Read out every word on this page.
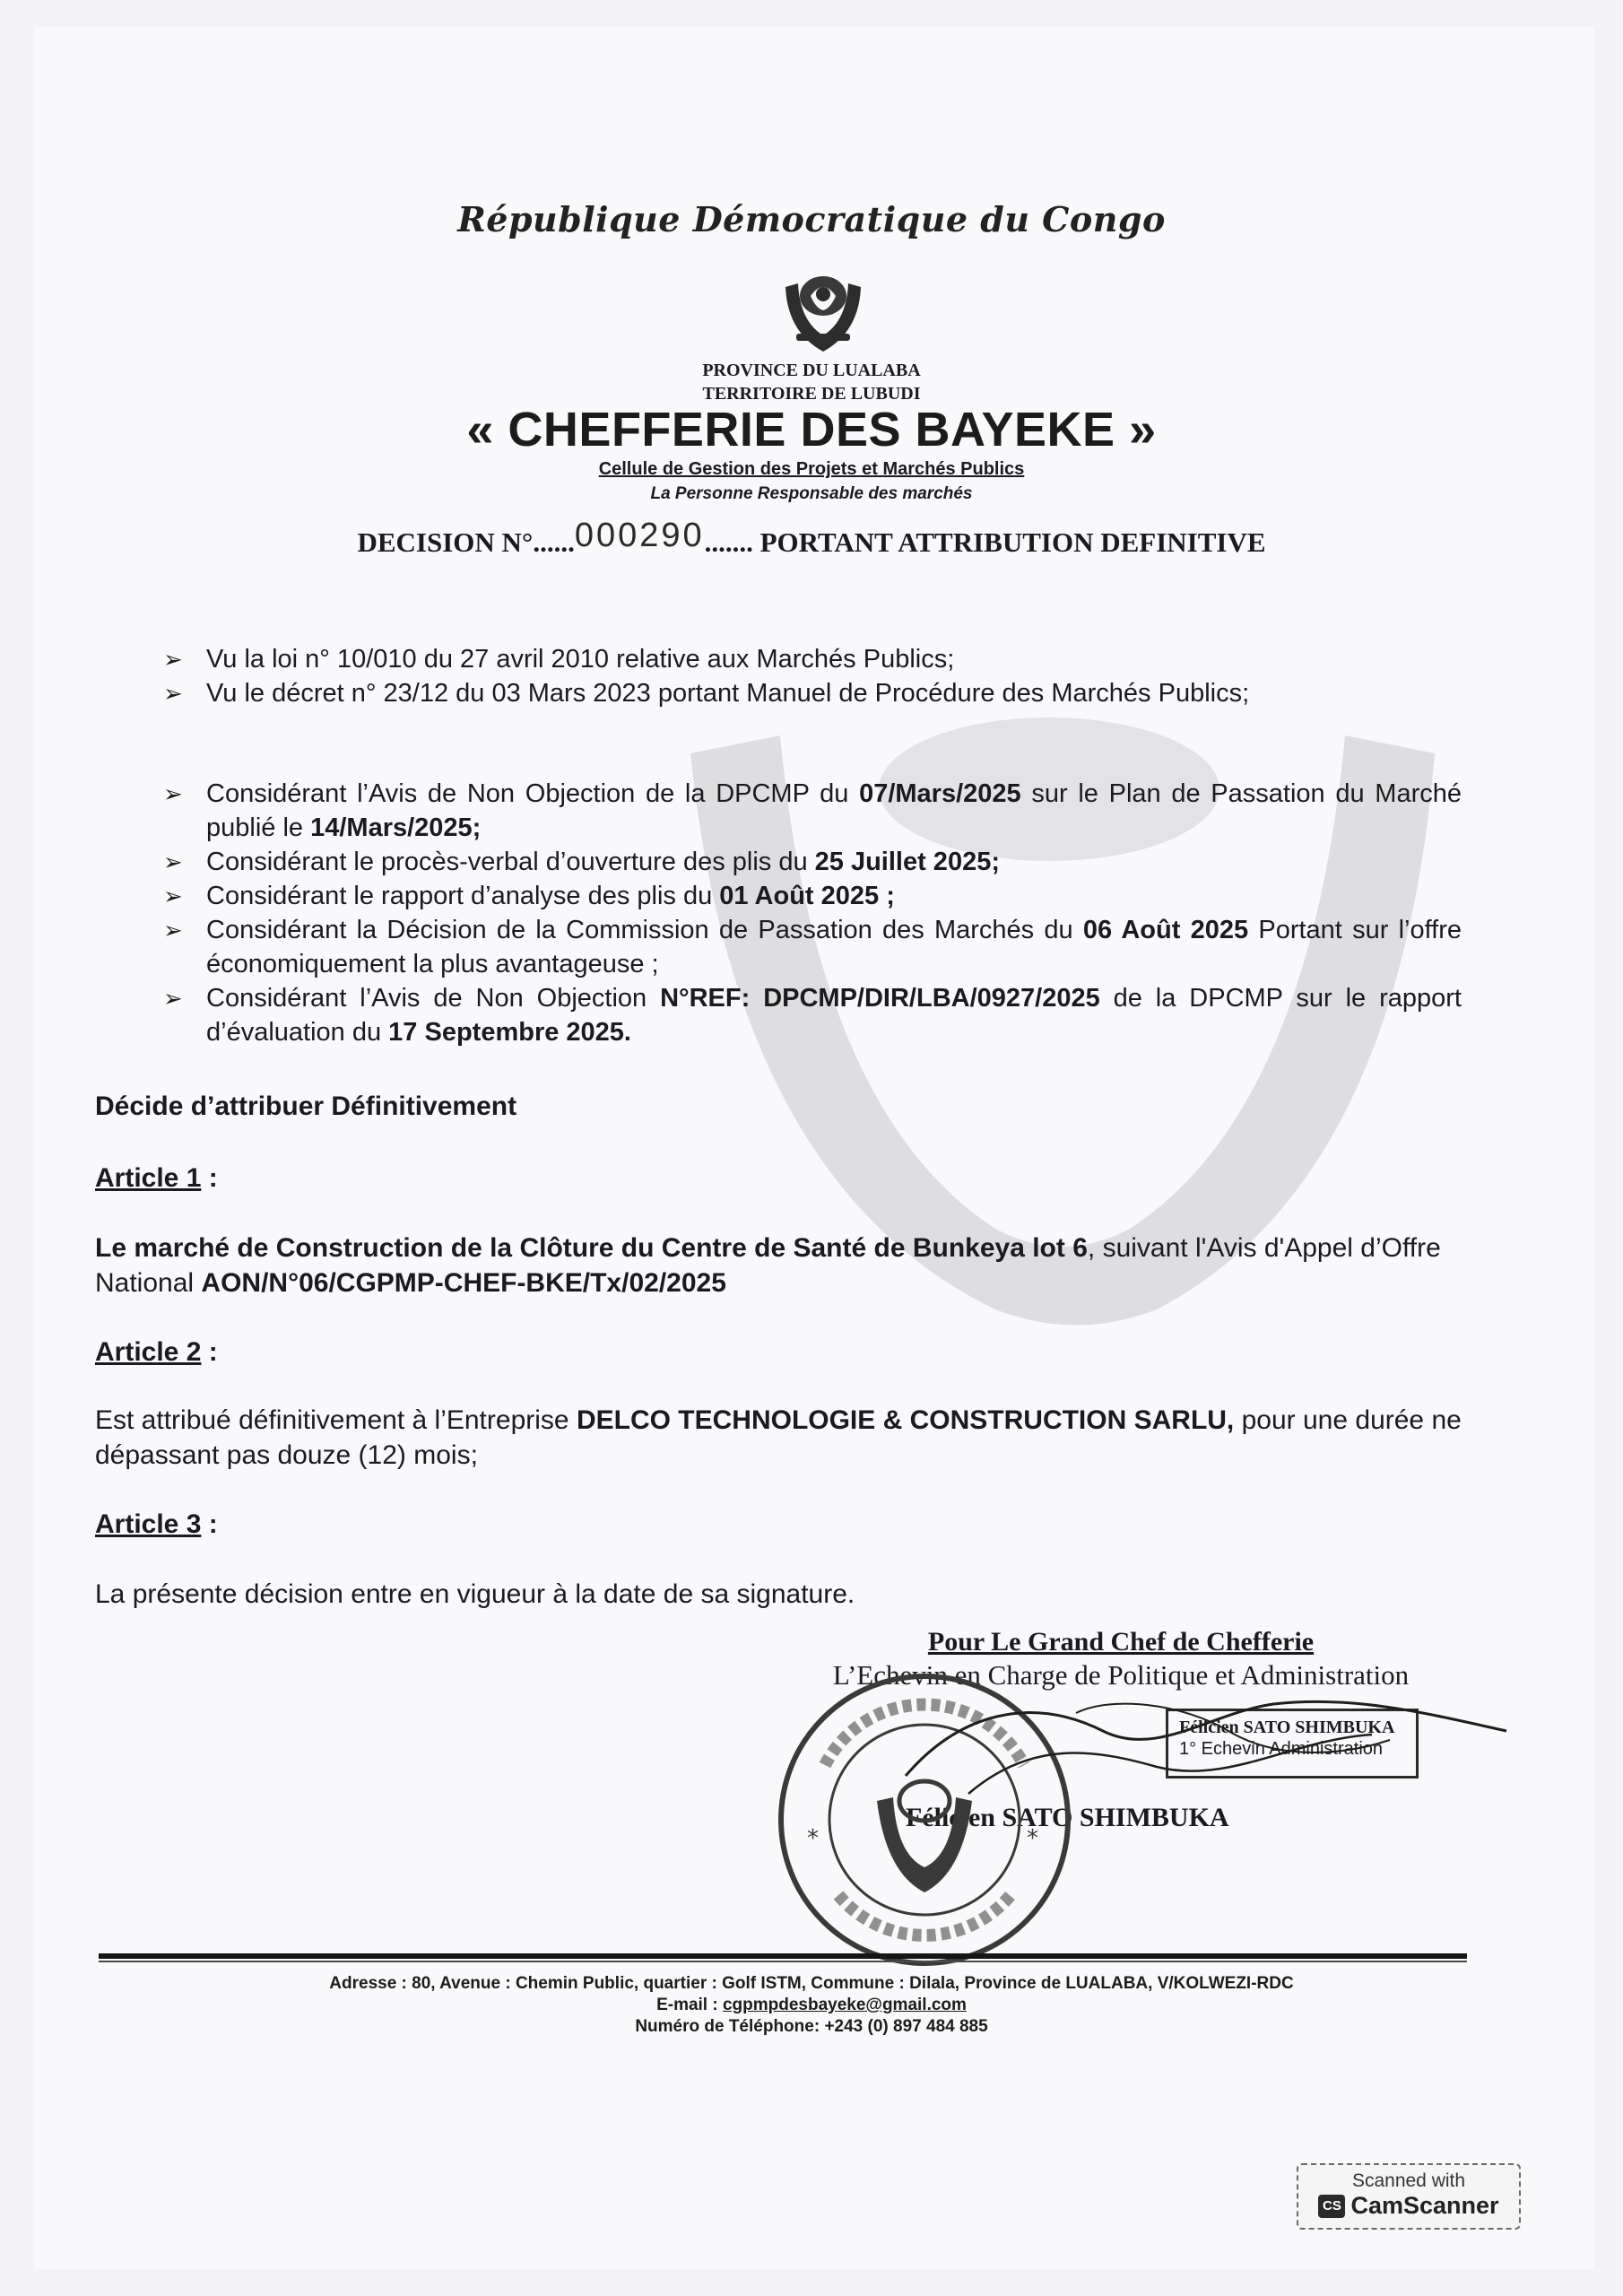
République Démocratique du Congo
PROVINCE DU LUALABA
TERRITOIRE DE LUBUDI
« CHEFFERIE DES BAYEKE »
Cellule de Gestion des Projets et Marchés Publics
La Personne Responsable des marchés
DECISION N°......000290....... PORTANT ATTRIBUTION DEFINITIVE
➢ Vu la loi n° 10/010 du 27 avril 2010 relative aux Marchés Publics;
➢ Vu le décret n° 23/12 du 03 Mars 2023 portant Manuel de Procédure des Marchés Publics;
➢ Considérant l’Avis de Non Objection de la DPCMP du 07/Mars/2025 sur le Plan de Passation du Marché publié le 14/Mars/2025;
➢ Considérant le procès-verbal d’ouverture des plis du 25 Juillet 2025;
➢ Considérant le rapport d’analyse des plis du 01 Août 2025 ;
➢ Considérant la Décision de la Commission de Passation des Marchés du 06 Août 2025 Portant sur l’offre économiquement la plus avantageuse ;
➢ Considérant l’Avis de Non Objection N°REF: DPCMP/DIR/LBA/0927/2025 de la DPCMP sur le rapport d’évaluation du 17 Septembre 2025.
Décide d’attribuer Définitivement
Article 1 :
Le marché de Construction de la Clôture du Centre de Santé de Bunkeya lot 6, suivant l'Avis d'Appel d’Offre National AON/N°06/CGPMP-CHEF-BKE/Tx/02/2025
Article 2 :
Est attribué définitivement à l’Entreprise DELCO TECHNOLOGIE & CONSTRUCTION SARLU, pour une durée ne dépassant pas douze (12) mois;
Article 3 :
La présente décision entre en vigueur à la date de sa signature.
Pour Le Grand Chef de Chefferie
L’Echevin en Charge de Politique et Administration
Félicien SATO SHIMBUKA
1° Echevin Administration
Félicien SATO SHIMBUKA
*	*
Adresse : 80, Avenue : Chemin Public, quartier : Golf ISTM, Commune : Dilala, Province de LUALABA, V/KOLWEZI-RDC
E-mail : cgpmpdesbayeke@gmail.com
Numéro de Téléphone: +243 (0) 897 484 885
Scanned with
CS CamScanner
